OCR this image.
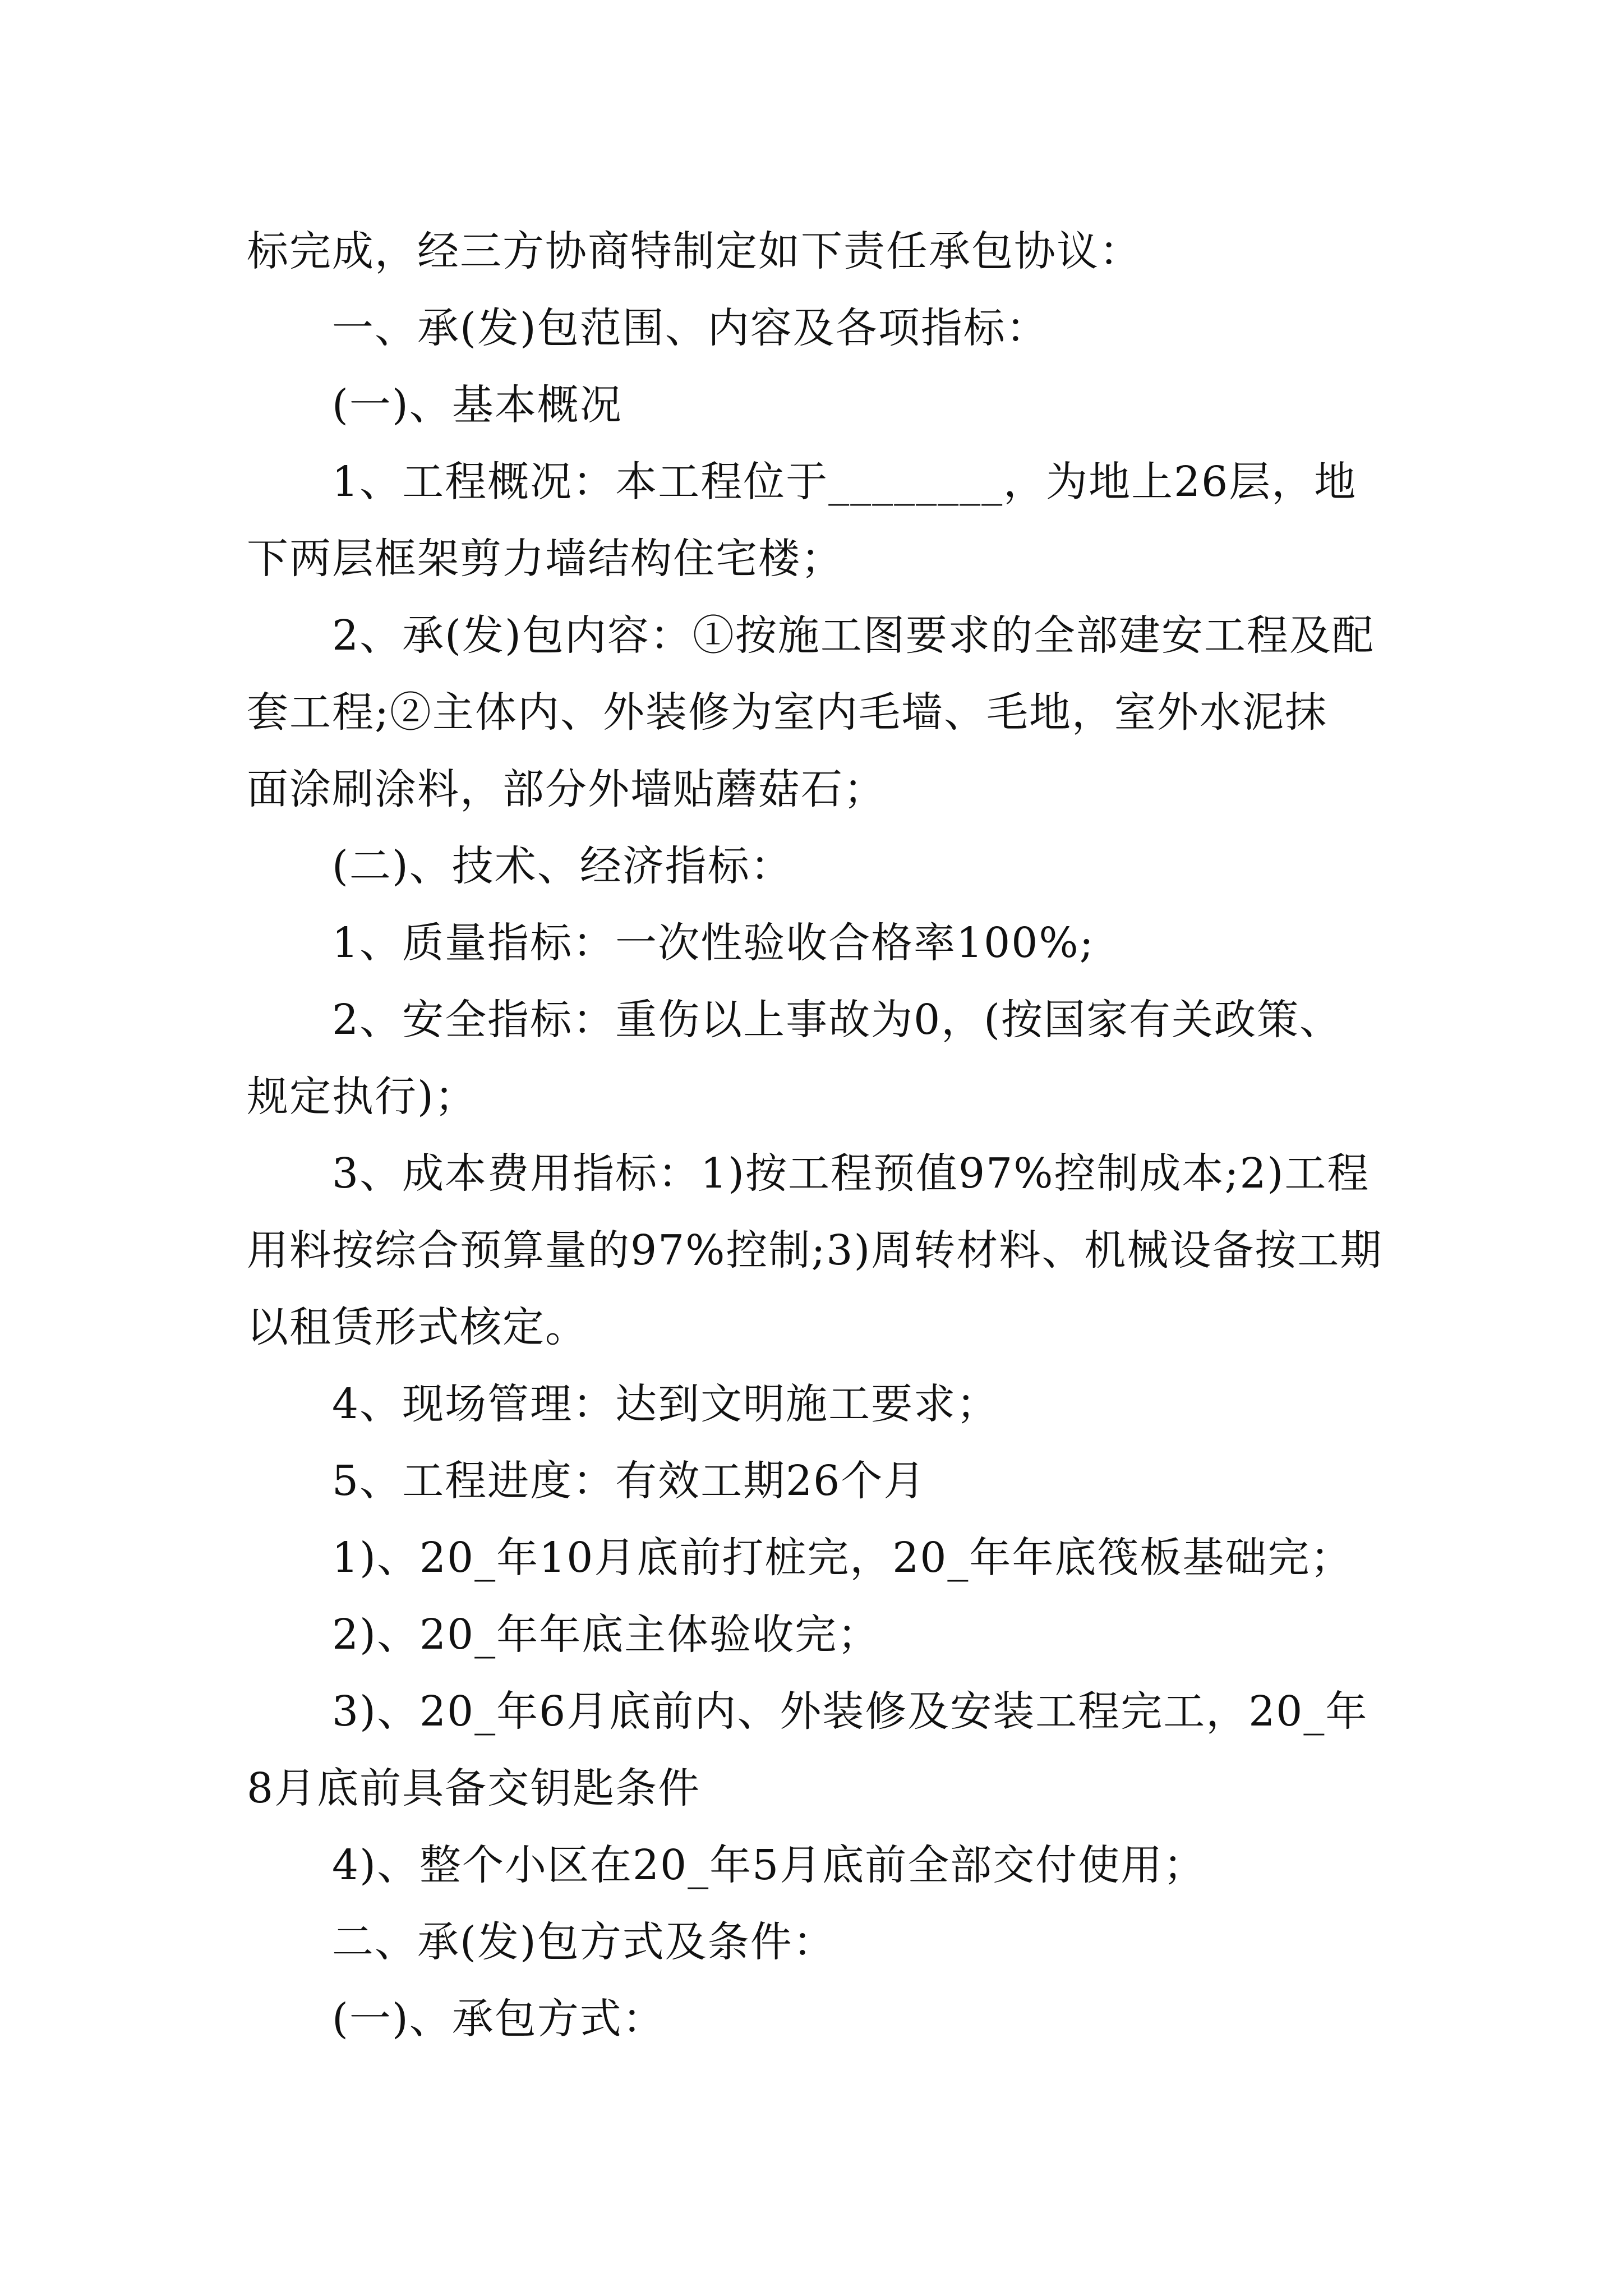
标完成，经三方协商特制定如下责任承包协议：
一、承(发)包范围、内容及各项指标：
(一)、基本概况
1、工程概况：本工程位于________，为地上26层，地
下两层框架剪力墙结构住宅楼；
2、承(发)包内容：①按施工图要求的全部建安工程及配
套工程;②主体内、外装修为室内毛墙、毛地，室外水泥抹
面涂刷涂料，部分外墙贴蘑菇石；
(二)、技术、经济指标：
1、质量指标：一次性验收合格率100%;
2、安全指标：重伤以上事故为0，(按国家有关政策、
规定执行)；
3、成本费用指标：1)按工程预值97%控制成本;2)工程
用料按综合预算量的97%控制;3)周转材料、机械设备按工期
以租赁形式核定。
4、现场管理：达到文明施工要求；
5、工程进度：有效工期26个月
1)、20_年10月底前打桩完，20_年年底筏板基础完；
2)、20_年年底主体验收完；
3)、20_年6月底前内、外装修及安装工程完工，20_年
8月底前具备交钥匙条件
4)、整个小区在20_年5月底前全部交付使用；
二、承(发)包方式及条件：
(一)、承包方式：
